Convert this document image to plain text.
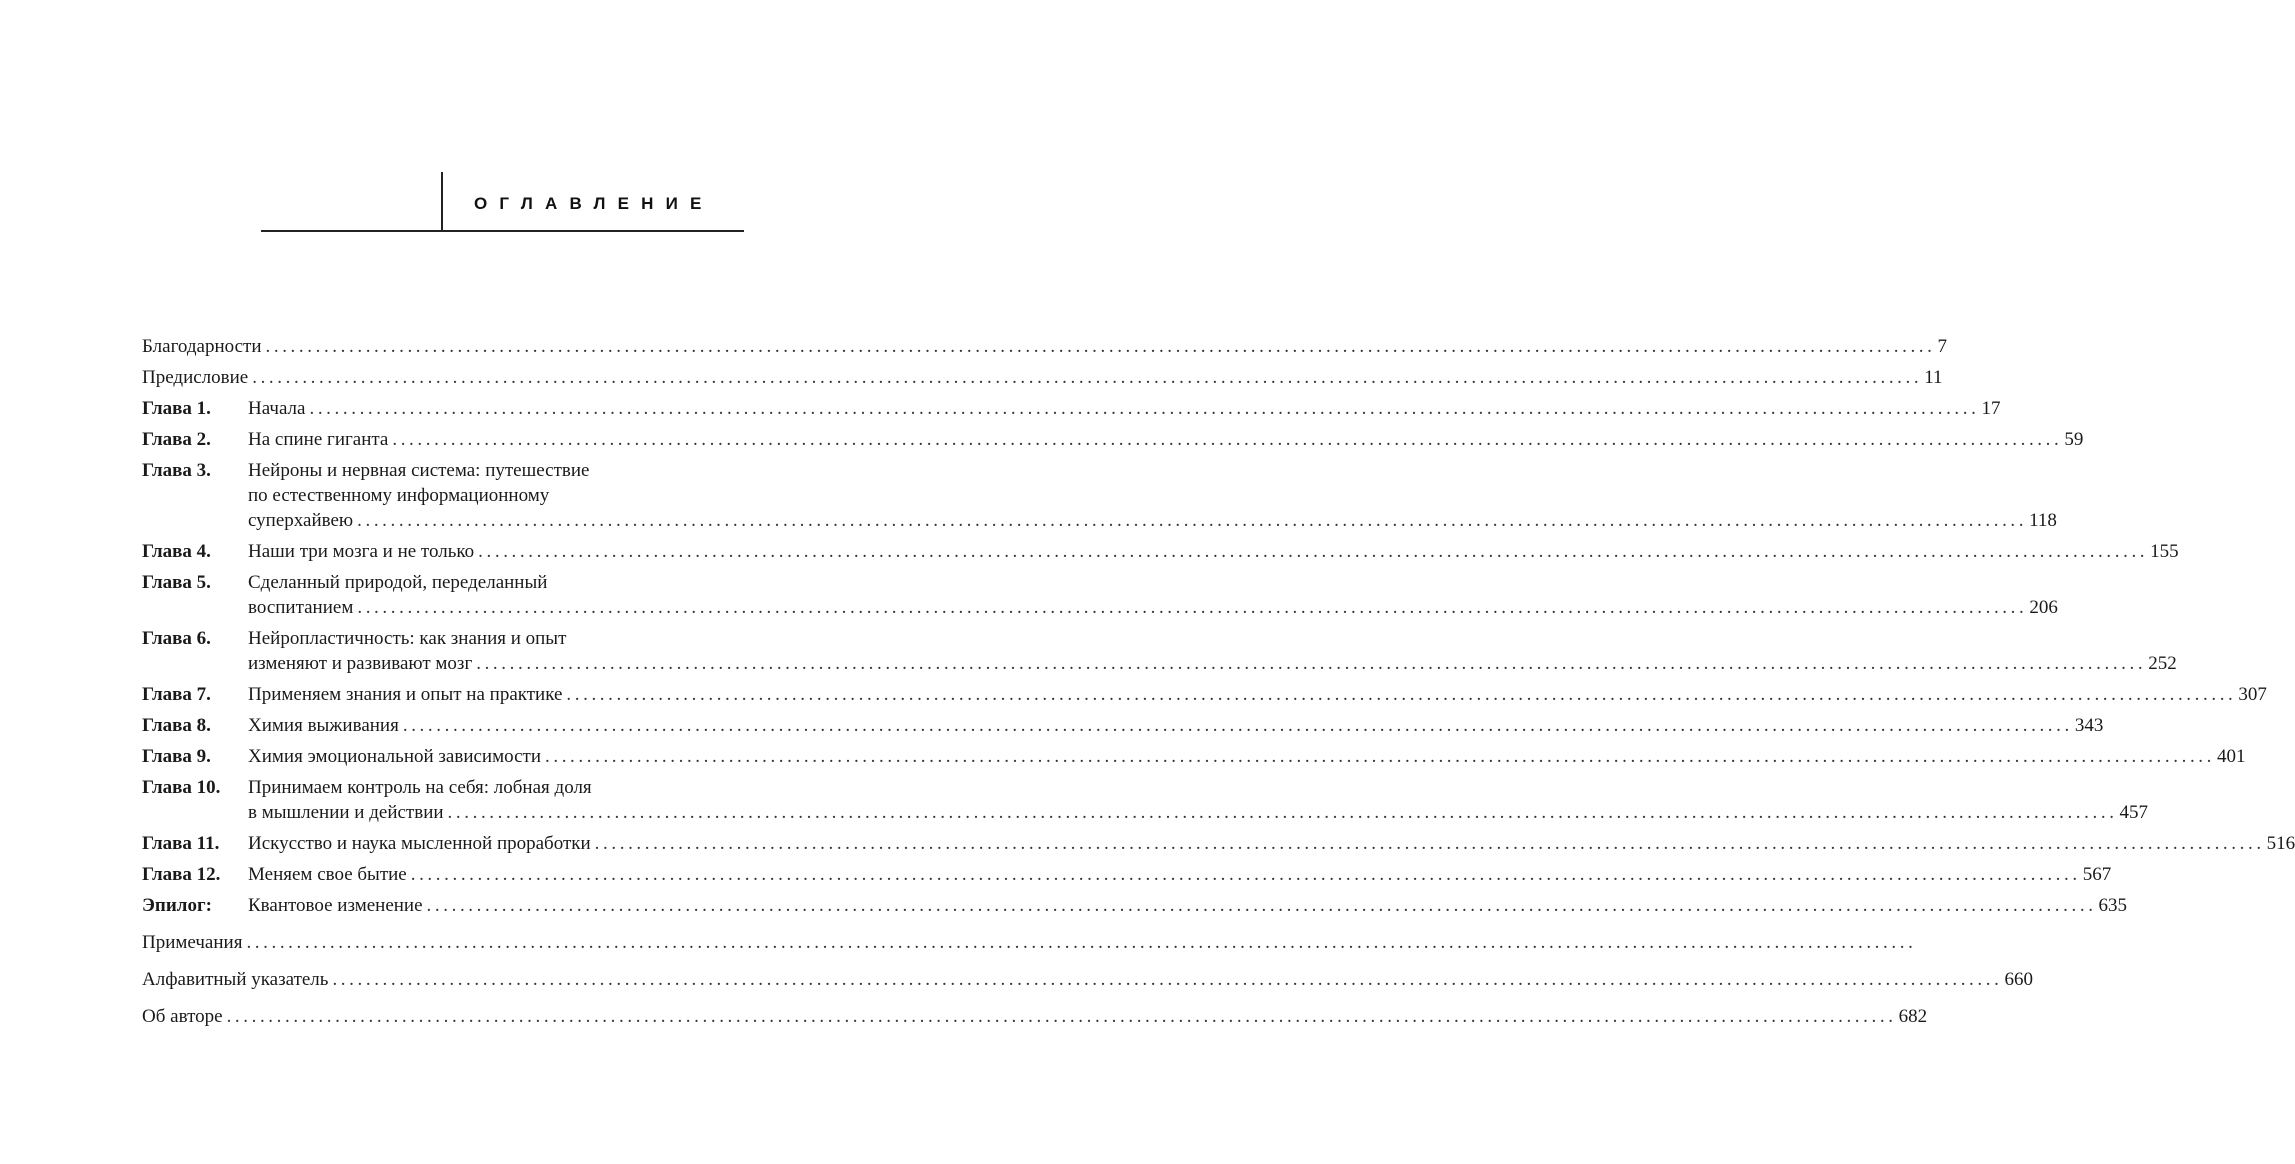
ОГЛАВЛЕНИЕ
Благодарности ........................................................................................................................................................................................................ 7
Предисловие ........................................................................................................................................................................................................ 11
Глава 1. Начала ........................................................................................................................................................................................................ 17
Глава 2. На спине гиганта ........................................................................................................................................................................................................ 59
Глава 3. Нейроны и нервная система: путешествие
по естественному информационному
суперхайвею ........................................................................................................................................................................................................ 118
Глава 4. Наши три мозга и не только ........................................................................................................................................................................................................ 155
Глава 5. Сделанный природой, переделанный
воспитанием ........................................................................................................................................................................................................ 206
Глава 6. Нейропластичность: как знания и опыт
изменяют и развивают мозг ........................................................................................................................................................................................................ 252
Глава 7. Применяем знания и опыт на практике ........................................................................................................................................................................................................ 307
Глава 8. Химия выживания ........................................................................................................................................................................................................ 343
Глава 9. Химия эмоциональной зависимости ........................................................................................................................................................................................................ 401
Глава 10. Принимаем контроль на себя: лобная доля
в мышлении и действии ........................................................................................................................................................................................................ 457
Глава 11. Искусство и наука мысленной проработки ........................................................................................................................................................................................................ 516
Глава 12. Меняем свое бытие ........................................................................................................................................................................................................ 567
Эпилог: Квантовое изменение ........................................................................................................................................................................................................ 635
Примечания ........................................................................................................................................................................................................
Алфавитный указатель ........................................................................................................................................................................................................ 660
Об авторе ........................................................................................................................................................................................................ 682
